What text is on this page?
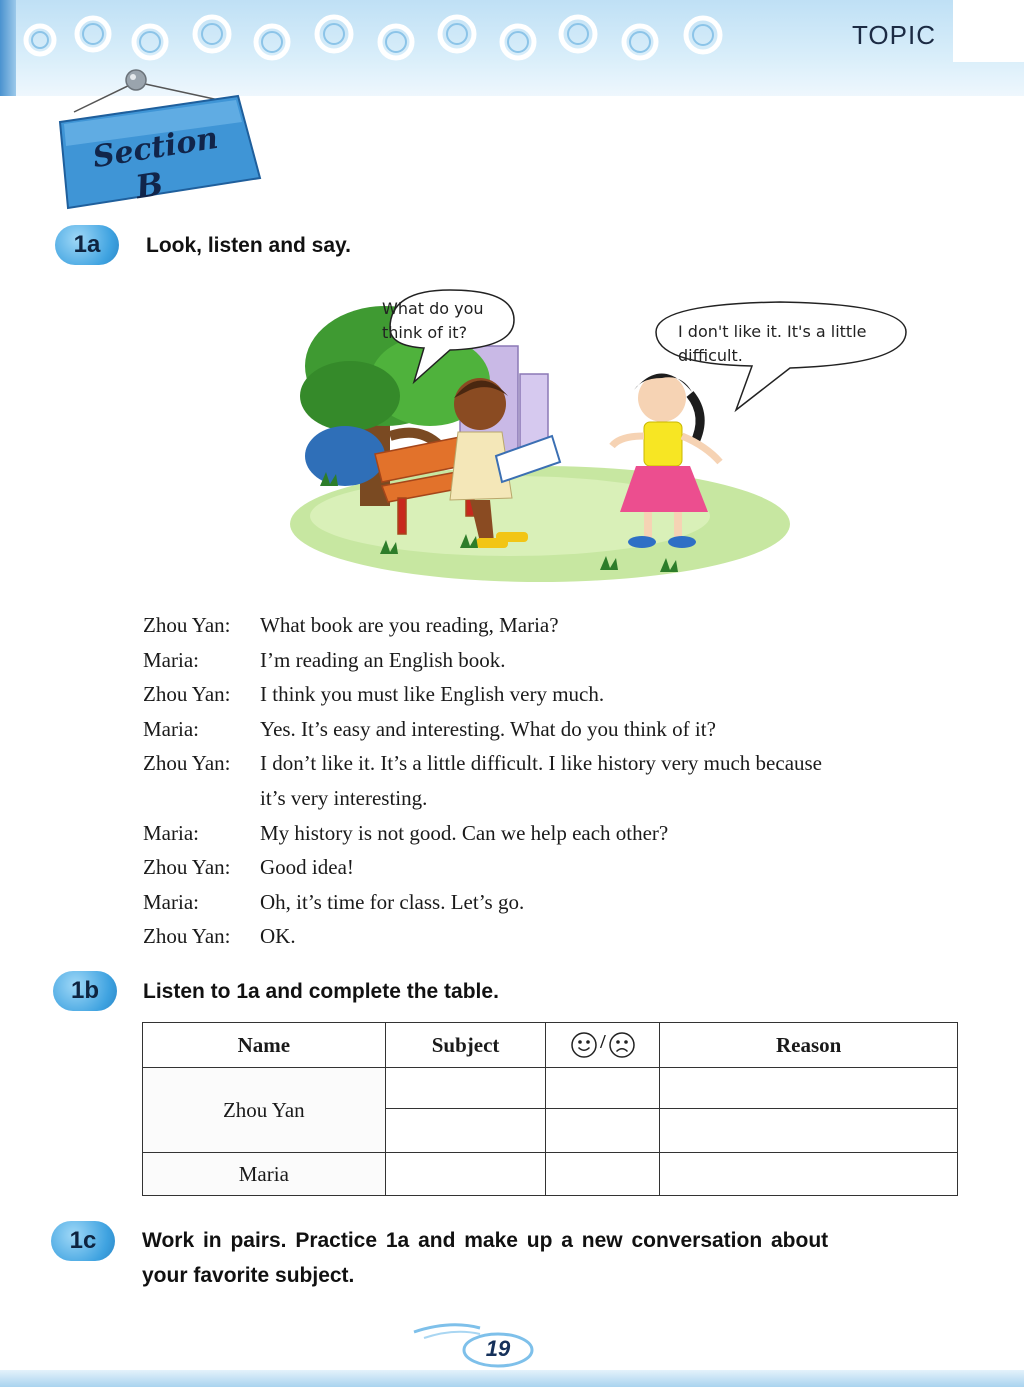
TOPIC
Section
B
1a	Look, listen and say.
What do you
think of it?	I don't like it. It's a little
difficult.
Zhou Yan: What book are you reading, Maria?
Maria:	I’m reading an English book.
Zhou Yan: I think you must like English very much.
Maria:	Yes. It’s easy and interesting. What do you think of it?
Zhou Yan: I don’t like it. It’s a little difficult. I like history very much because
it’s very interesting.
Maria:	My history is not good. Can we help each other?
Zhou Yan: Good idea!
Maria:	Oh, it’s time for class. Let’s go.
Zhou Yan: OK.
1b	Listen to 1a and complete the table.
Name	Subject	/	Reason
Zhou Yan			

Maria			
1c	Work in pairs. Practice 1a and make up a new conversation about
your favorite subject.
19
